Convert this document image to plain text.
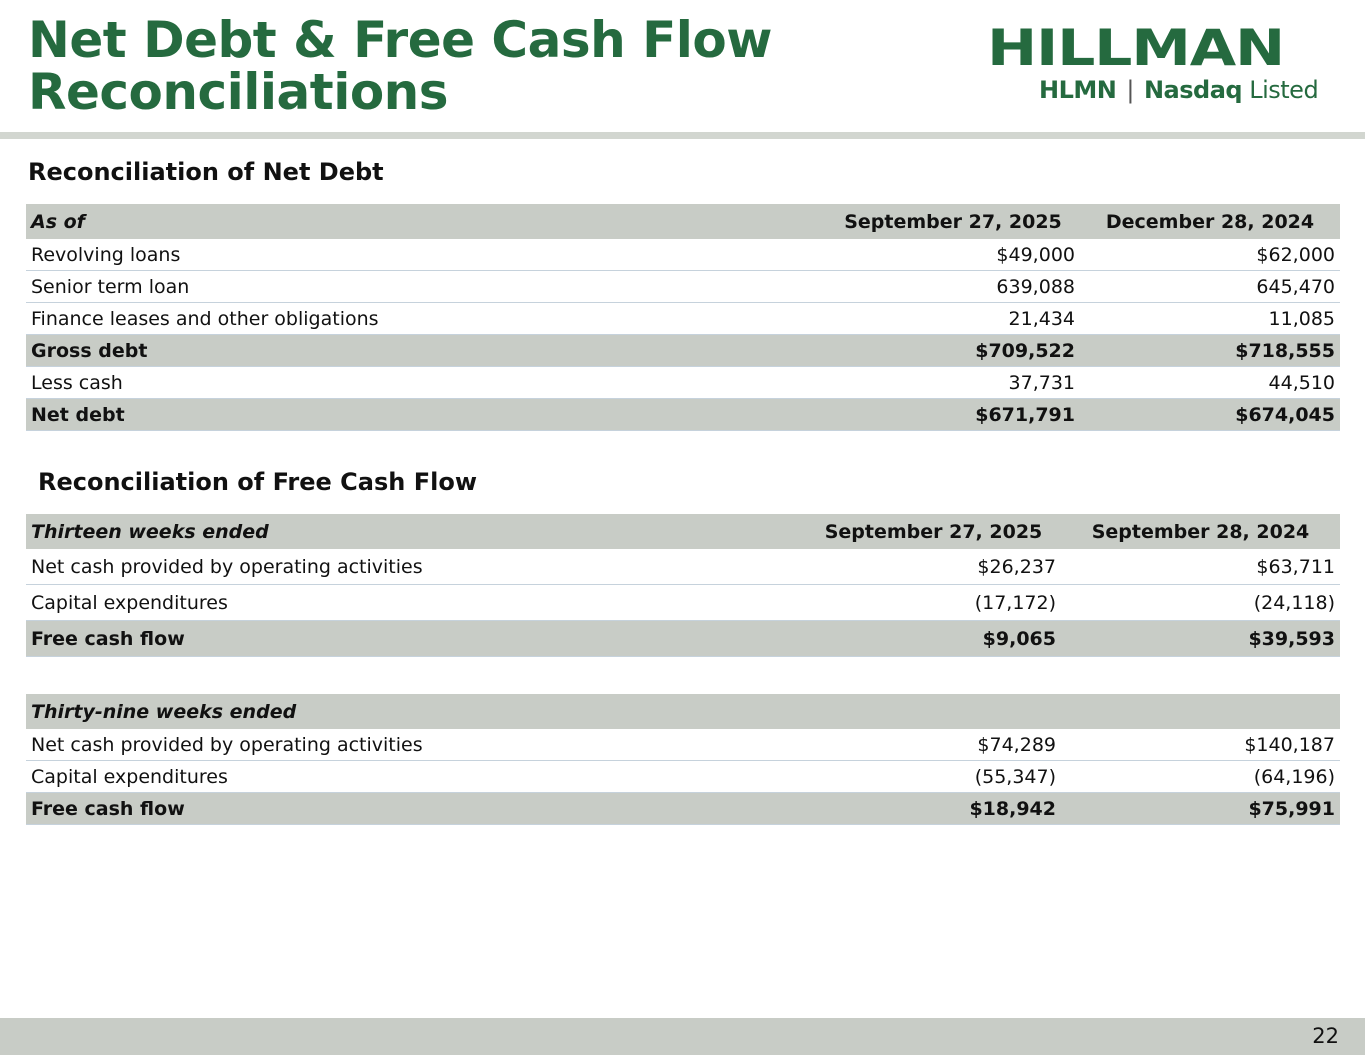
Net Debt & Free Cash Flow
Reconciliations
HILLMAN
HLMN | Nasdaq Listed
Reconciliation of Net Debt
As of	September 27, 2025	December 28, 2024
Revolving loans	$49,000	$62,000
Senior term loan	639,088	645,470
Finance leases and other obligations	21,434	11,085
Gross debt	$709,522	$718,555
Less cash	37,731	44,510
Net debt	$671,791	$674,045
Reconciliation of Free Cash Flow
Thirteen weeks ended	September 27, 2025	September 28, 2024
Net cash provided by operating activities	$26,237	$63,711
Capital expenditures	(17,172)	(24,118)
Free cash flow	$9,065	$39,593
Thirty-nine weeks ended		
Net cash provided by operating activities	$74,289	$140,187
Capital expenditures	(55,347)	(64,196)
Free cash flow	$18,942	$75,991
22
